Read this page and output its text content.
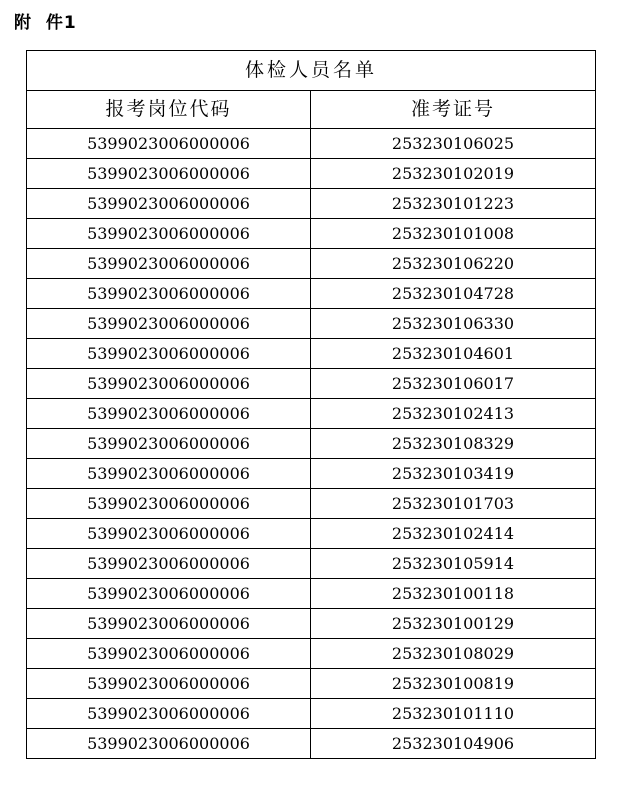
附  件1
体检人员名单	
报考岗位代码	准考证号
5399023006000006	253230106025
5399023006000006	253230102019
5399023006000006	253230101223
5399023006000006	253230101008
5399023006000006	253230106220
5399023006000006	253230104728
5399023006000006	253230106330
5399023006000006	253230104601
5399023006000006	253230106017
5399023006000006	253230102413
5399023006000006	253230108329
5399023006000006	253230103419
5399023006000006	253230101703
5399023006000006	253230102414
5399023006000006	253230105914
5399023006000006	253230100118
5399023006000006	253230100129
5399023006000006	253230108029
5399023006000006	253230100819
5399023006000006	253230101110
5399023006000006	253230104906
